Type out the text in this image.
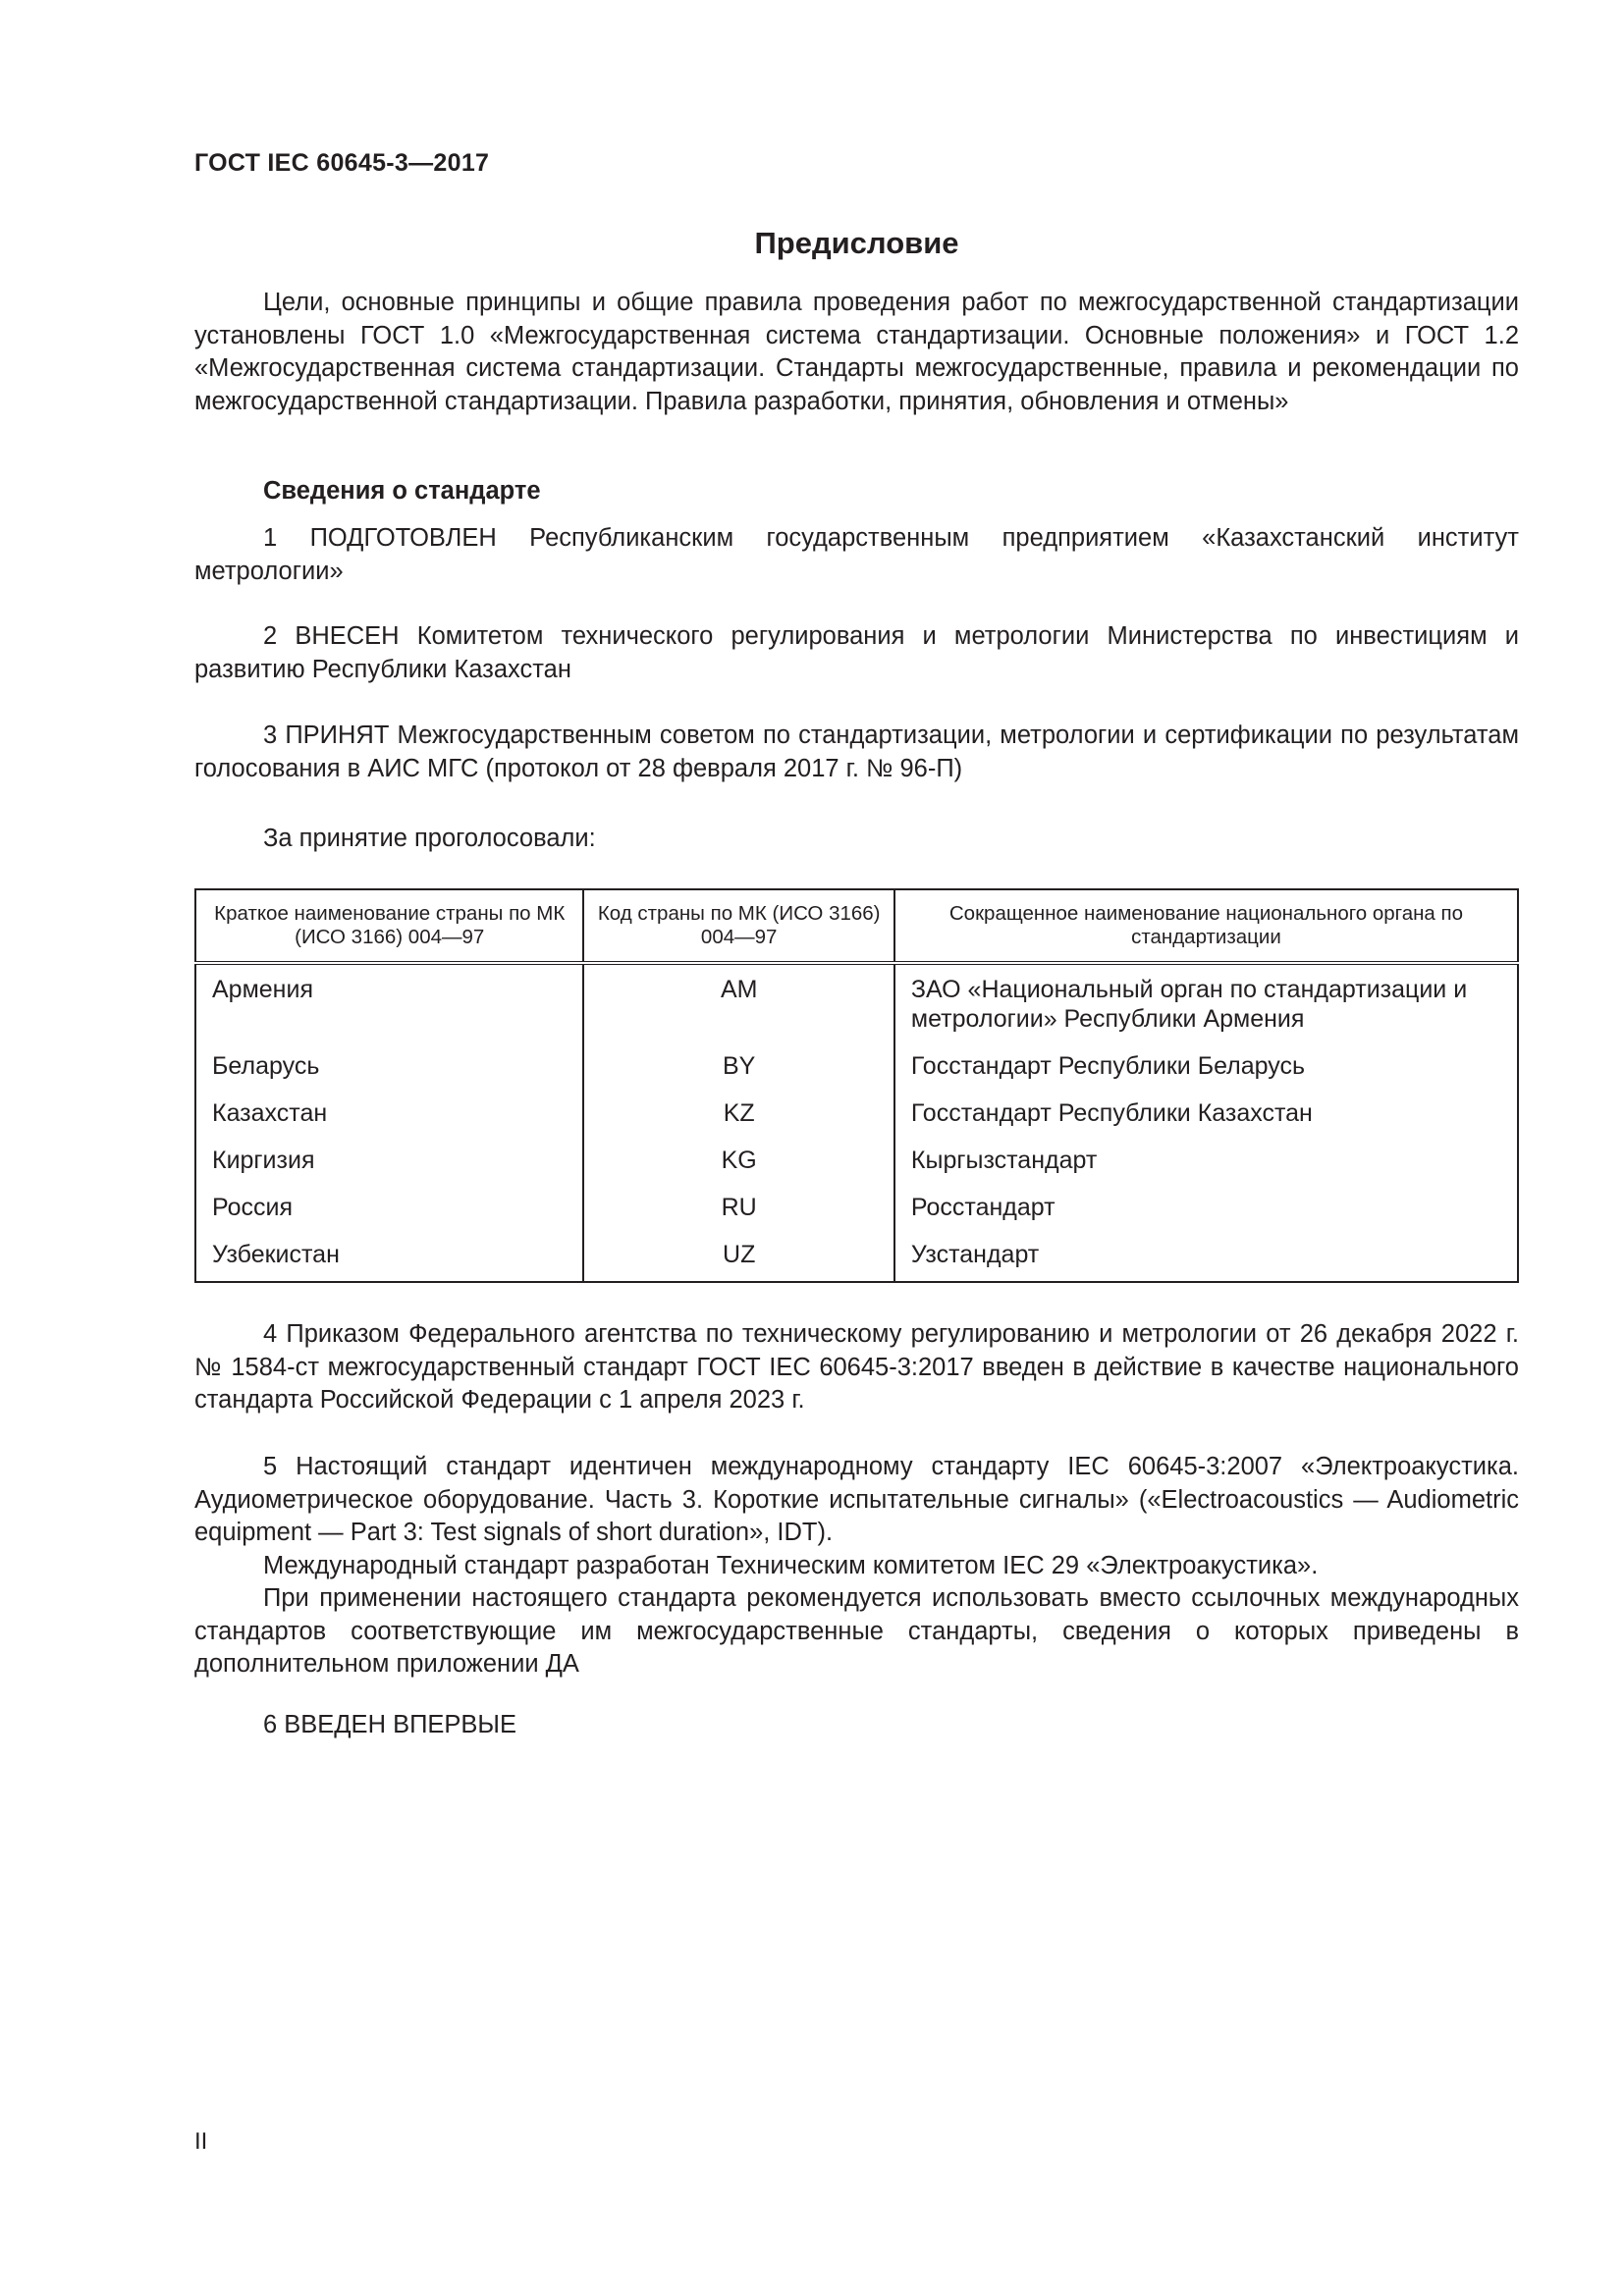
ГОСТ IEC 60645-3—2017
Предисловие

Цели, основные принципы и общие правила проведения работ по межгосударственной стандартизации установлены ГОСТ 1.0 «Межгосударственная система стандартизации. Основные положения» и ГОСТ 1.2 «Межгосударственная система стандартизации. Стандарты межгосударственные, правила и рекомендации по межгосударственной стандартизации. Правила разработки, принятия, обновления и отмены»

Сведения о стандарте

1 ПОДГОТОВЛЕН Республиканским государственным предприятием «Казахстанский институт метрологии»

2 ВНЕСЕН Комитетом технического регулирования и метрологии Министерства по инвестициям и развитию Республики Казахстан

3 ПРИНЯТ Межгосударственным советом по стандартизации, метрологии и сертификации по результатам голосования в АИС МГС (протокол от 28 февраля 2017 г. № 96-П)

За принятие проголосовали:
Краткое наименование страны по МК (ИСО 3166) 004—97	Код страны по МК (ИСО 3166) 004—97	Сокращенное наименование национального органа по стандартизации
Армения	AM	ЗАО «Национальный орган по стандартизации и метрологии» Республики Армения
Беларусь	BY	Госстандарт Республики Беларусь
Казахстан	KZ	Госстандарт Республики Казахстан
Киргизия	KG	Кыргызстандарт
Россия	RU	Росстандарт
Узбекистан	UZ	Узстандарт

4 Приказом Федерального агентства по техническому регулированию и метрологии от 26 декабря 2022 г. № 1584-ст межгосударственный стандарт ГОСТ IEC 60645-3:2017 введен в действие в качестве национального стандарта Российской Федерации с 1 апреля 2023 г.

5 Настоящий стандарт идентичен международному стандарту IEC 60645-3:2007 «Электроакустика. Аудиометрическое оборудование. Часть 3. Короткие испытательные сигналы» («Electroacoustics — Audiometric equipment — Part 3: Test signals of short duration», IDT).

Международный стандарт разработан Техническим комитетом IEC 29 «Электроакустика».

При применении настоящего стандарта рекомендуется использовать вместо ссылочных международных стандартов соответствующие им межгосударственные стандарты, сведения о которых приведены в дополнительном приложении ДА

6 ВВЕДЕН ВПЕРВЫЕ
II
